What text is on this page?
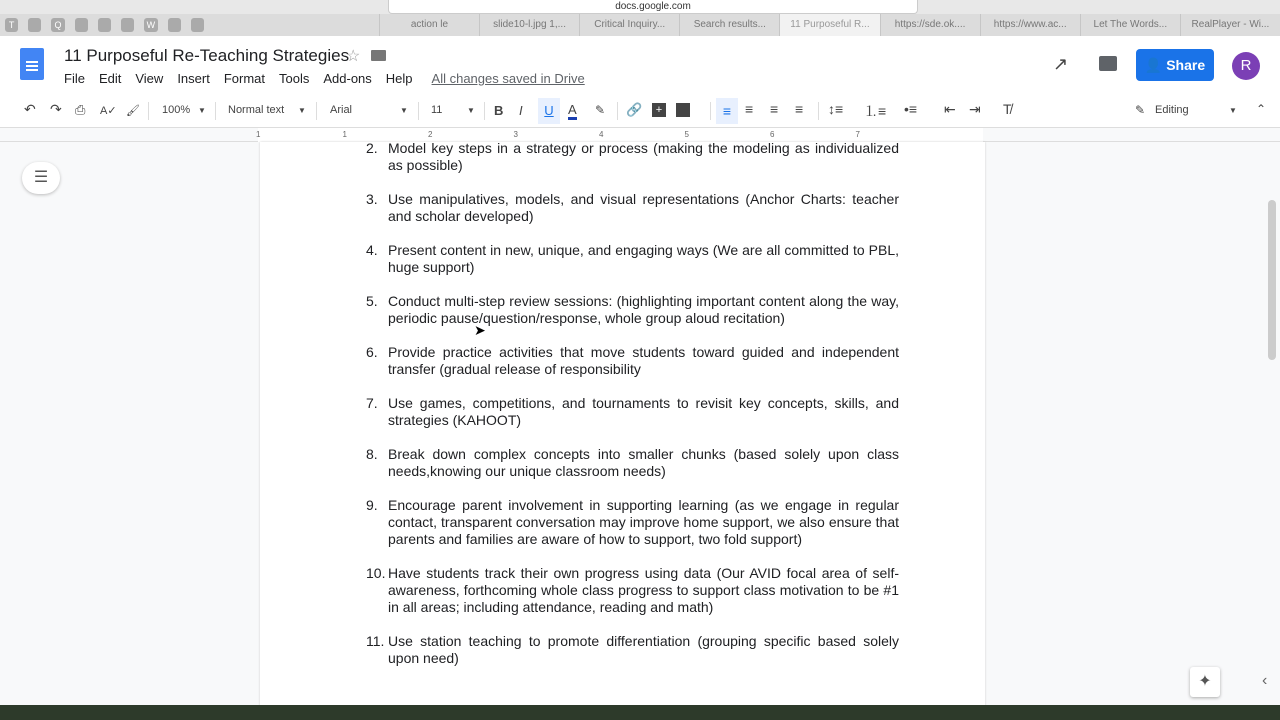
docs.google.com
T	Q	W	action le	slide10-l.jpg 1,...	Critical Inquiry...	Search results...	11 Purposeful R...	https://sde.ok....	https://www.ac...	Let The Words...	RealPlayer - Wi...
11 Purposeful Re-Teaching Strategies
☆
File Edit View Insert Format Tools Add-ons Help All changes saved in Drive
↗	👤 Share	R
↶ ↷ ⎙ A✓ 🖌 100% ▼ Normal text ▼ Arial	▼ 11	▼ B I	U	A ✎ 🔗	+	≡ ≡ ≡ ≡ ↕≡ ⒈≡ •≡ ⇤ ⇥ T̸	✎ Editing	▼ ⌃
1	1	2	3	4	5	6	7
☰
2. Model key steps in a strategy or process (making the modeling as individualized as possible)
3. Use manipulatives, models, and visual representations (Anchor Charts: teacher and scholar developed)
4. Present content in new, unique, and engaging ways (We are all committed to PBL, huge support)
5. Conduct multi-step review sessions: (highlighting important content along the way, periodic pause/question/response, whole group aloud recitation)
6. Provide practice activities that move students toward guided and independent transfer (gradual release of responsibility
7. Use games, competitions, and tournaments to revisit key concepts, skills, and strategies (KAHOOT)
8. Break down complex concepts into smaller chunks (based solely upon class needs,knowing our unique classroom needs)
9. Encourage parent involvement in supporting learning (as we engage in regular contact, transparent conversation may improve home support, we also ensure that parents and families are aware of how to support, two fold support)
10. Have students track their own progress using data (Our AVID focal area of self-awareness, forthcoming whole class progress to support class motivation to be #1 in all areas; including attendance, reading and math)
11. Use station teaching to promote differentiation (grouping specific based solely upon need)
➤
✦	‹
